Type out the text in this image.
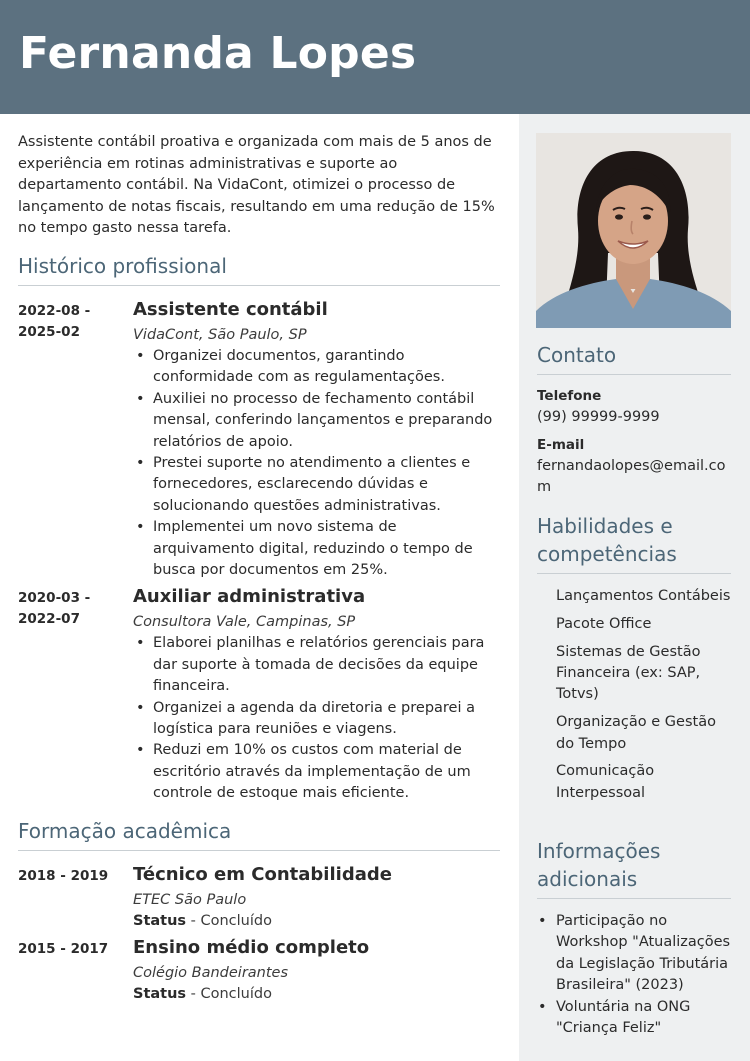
Fernanda Lopes

Assistente contábil proativa e organizada com mais de 5 anos de experiência em rotinas administrativas e suporte ao departamento contábil. Na VidaCont, otimizei o processo de lançamento de notas fiscais, resultando em uma redução de 15% no tempo gasto nessa tarefa.

Histórico profissional
2022-08 -
2025-02
Assistente contábil
VidaCont, São Paulo, SP
• Organizei documentos, garantindo conformidade com as regulamentações.
• Auxiliei no processo de fechamento contábil mensal, conferindo lançamentos e preparando relatórios de apoio.
• Prestei suporte no atendimento a clientes e fornecedores, esclarecendo dúvidas e solucionando questões administrativas.
• Implementei um novo sistema de arquivamento digital, reduzindo o tempo de busca por documentos em 25%.
2020-03 -
2022-07
Auxiliar administrativa
Consultora Vale, Campinas, SP
• Elaborei planilhas e relatórios gerenciais para dar suporte à tomada de decisões da equipe financeira.
• Organizei a agenda da diretoria e preparei a logística para reuniões e viagens.
• Reduzi em 10% os custos com material de escritório através da implementação de um controle de estoque mais eficiente.
Formação acadêmica
2018 - 2019	Técnico em Contabilidade
ETEC São Paulo
Status - Concluído
2015 - 2017	Ensino médio completo
Colégio Bandeirantes
Status - Concluído
Contato
Telefone
(99) 99999-9999
E-mail
fernandaolopes@email.com
Habilidades e competências
Lançamentos Contábeis
Pacote Office
Sistemas de Gestão Financeira (ex: SAP, Totvs)
Organização e Gestão do Tempo
Comunicação Interpessoal
Informações adicionais
• Participação no Workshop "Atualizações da Legislação Tributária Brasileira" (2023)
• Voluntária na ONG "Criança Feliz"
